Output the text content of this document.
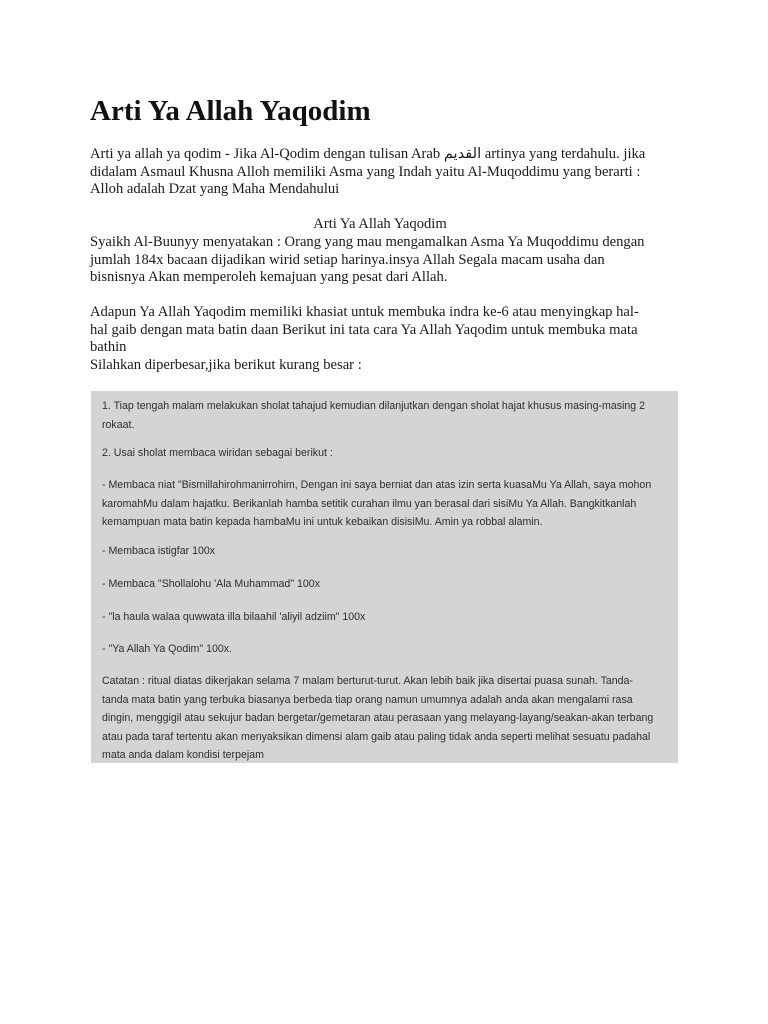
Arti Ya Allah Yaqodim
Arti ya allah ya qodim - Jika Al-Qodim dengan tulisan Arab القديم artinya yang terdahulu. jika
didalam Asmaul Khusna Alloh memiliki Asma yang Indah yaitu Al-Muqoddimu yang berarti :
Alloh adalah Dzat yang Maha Mendahului
Arti Ya Allah Yaqodim
Syaikh Al-Buunyy menyatakan : Orang yang mau mengamalkan Asma Ya Muqoddimu dengan
jumlah 184x bacaan dijadikan wirid setiap harinya.insya Allah Segala macam usaha dan
bisnisnya Akan memperoleh kemajuan yang pesat dari Allah.
Adapun Ya Allah Yaqodim memiliki khasiat untuk membuka indra ke-6 atau menyingkap hal-
hal gaib dengan mata batin daan Berikut ini tata cara Ya Allah Yaqodim untuk membuka mata
bathin
Silahkan diperbesar,jika berikut kurang besar :
1. Tiap tengah malam melakukan sholat tahajud kemudian dilanjutkan dengan sholat hajat khusus masing-masing 2
rokaat.
2. Usai sholat membaca wiridan sebagai berikut :
- Membaca niat "Bismillahirohmanirrohim, Dengan ini saya berniat dan atas izin serta kuasaMu Ya Allah, saya mohon
karomahMu dalam hajatku. Berikanlah hamba setitik curahan ilmu yan berasal dari sisiMu Ya Allah. Bangkitkanlah
kemampuan mata batin kepada hambaMu ini untuk kebaikan disisiMu. Amin ya robbal alamin.
- Membaca istigfar 100x
- Membaca "Shollalohu 'Ala Muhammad" 100x
- "la haula walaa quwwata illa bilaahil 'aliyil adziim" 100x
- "Ya Allah Ya Qodim" 100x.
Catatan : ritual diatas dikerjakan selama 7 malam berturut-turut. Akan lebih baik jika disertai puasa sunah. Tanda-
tanda mata batin yang terbuka biasanya berbeda tiap orang namun umumnya adalah anda akan mengalami rasa
dingin, menggigil atau sekujur badan bergetar/gemetaran atau perasaan yang melayang-layang/seakan-akan terbang
atau pada taraf tertentu akan menyaksikan dimensi alam gaib atau paling tidak anda seperti melihat sesuatu padahal
mata anda dalam kondisi terpejam
